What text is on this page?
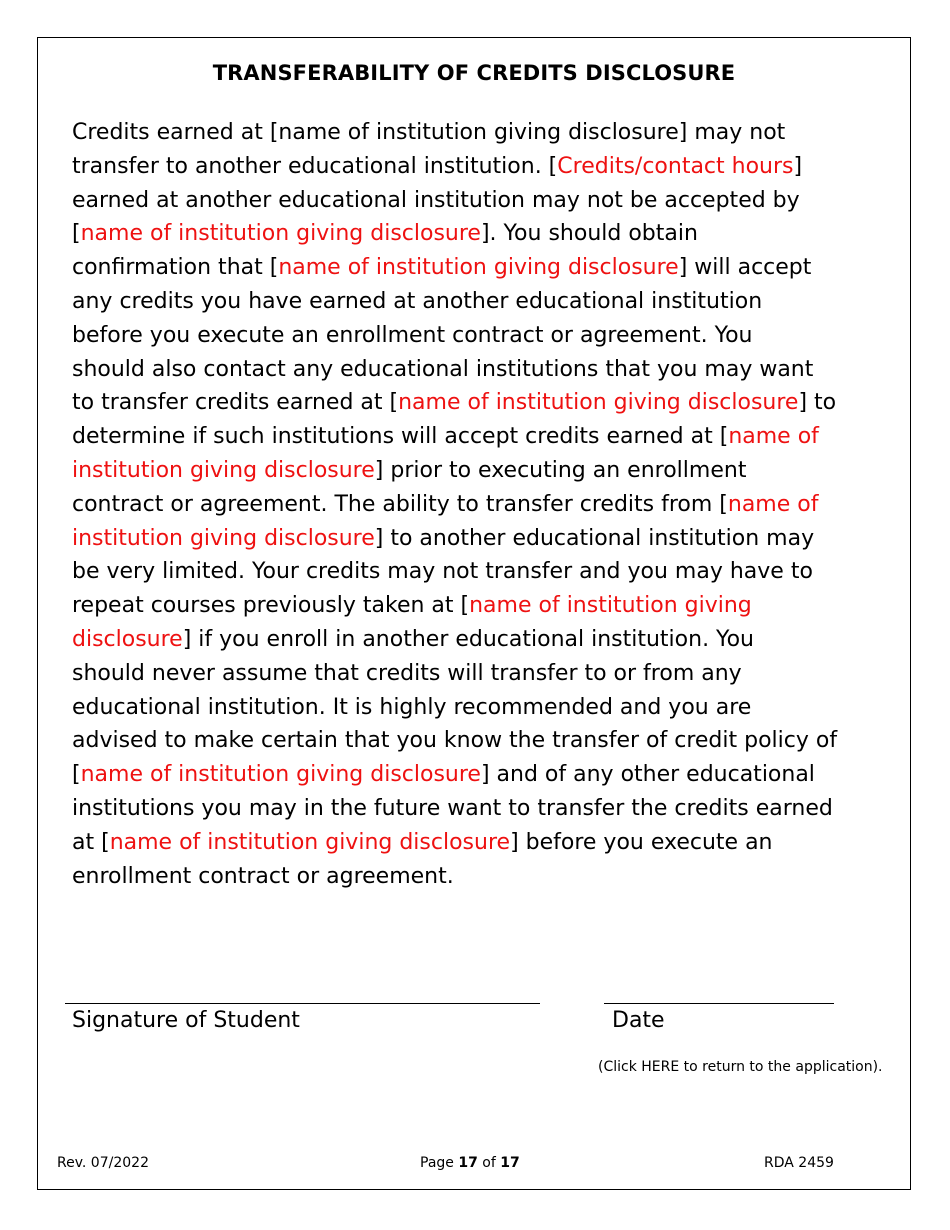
TRANSFERABILITY OF CREDITS DISCLOSURE
Credits earned at [name of institution giving disclosure] may not
transfer to another educational institution. [Credits/contact hours]
earned at another educational institution may not be accepted by
[name of institution giving disclosure]. You should obtain
confirmation that [name of institution giving disclosure] will accept
any credits you have earned at another educational institution
before you execute an enrollment contract or agreement. You
should also contact any educational institutions that you may want
to transfer credits earned at [name of institution giving disclosure] to
determine if such institutions will accept credits earned at [name of
institution giving disclosure] prior to executing an enrollment
contract or agreement. The ability to transfer credits from [name of
institution giving disclosure] to another educational institution may
be very limited. Your credits may not transfer and you may have to
repeat courses previously taken at [name of institution giving
disclosure] if you enroll in another educational institution. You
should never assume that credits will transfer to or from any
educational institution. It is highly recommended and you are
advised to make certain that you know the transfer of credit policy of
[name of institution giving disclosure] and of any other educational
institutions you may in the future want to transfer the credits earned
at [name of institution giving disclosure] before you execute an
enrollment contract or agreement.
Signature of Student	Date
(Click HERE to return to the application).
Rev. 07/2022	Page 17 of 17	RDA 2459
